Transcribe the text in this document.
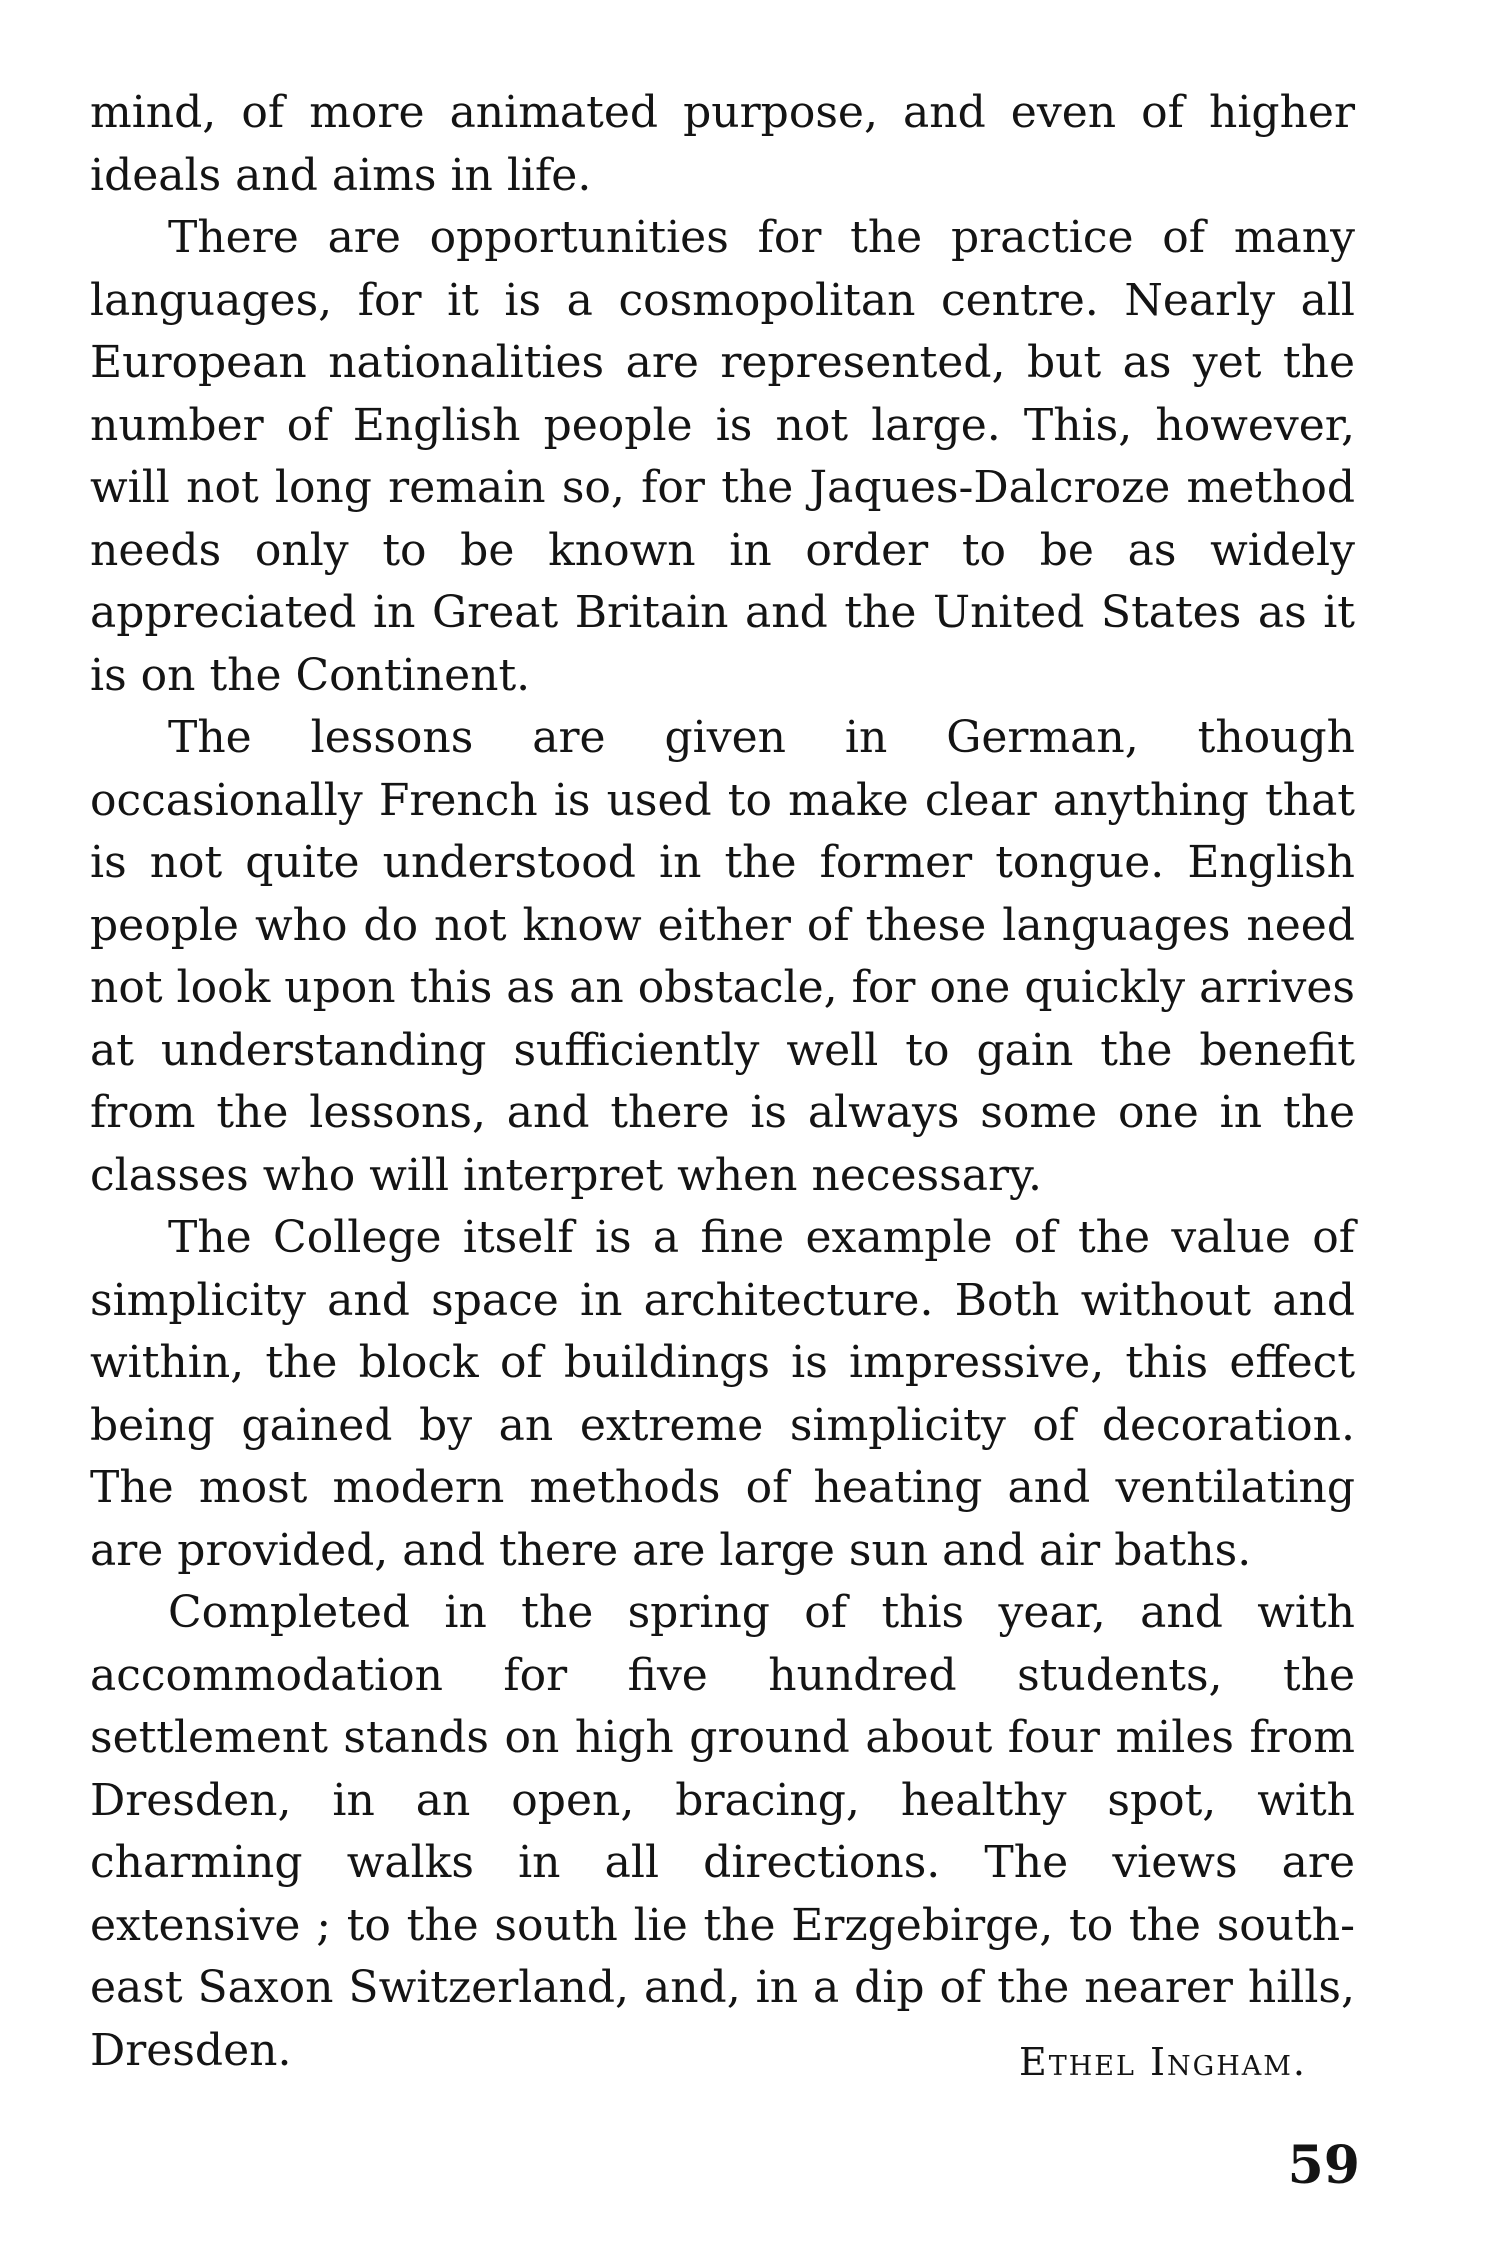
mind, of more animated purpose, and even of higher ideals and aims in life.

There are opportunities for the practice of many languages, for it is a cosmopolitan centre. Nearly all European nationalities are represented, but as yet the number of English people is not large. This, however, will not long remain so, for the Jaques-Dalcroze method needs only to be known in order to be as widely appreciated in Great Britain and the United States as it is on the Continent.

The lessons are given in German, though occasionally French is used to make clear anything that is not quite understood in the former tongue. English people who do not know either of these languages need not look upon this as an obstacle, for one quickly arrives at understanding sufficiently well to gain the benefit from the lessons, and there is always some one in the classes who will interpret when necessary.

The College itself is a fine example of the value of simplicity and space in architecture. Both without and within, the block of buildings is impressive, this effect being gained by an extreme simplicity of decoration. The most modern methods of heating and ventilating are provided, and there are large sun and air baths.

Completed in the spring of this year, and with accommodation for five hundred students, the settlement stands on high ground about four miles from Dresden, in an open, bracing, healthy spot, with charming walks in all directions. The views are extensive ; to the south lie the Erzgebirge, to the south-east Saxon Switzerland, and, in a dip of the nearer hills, Dresden.	Ethel Ingham.
59
